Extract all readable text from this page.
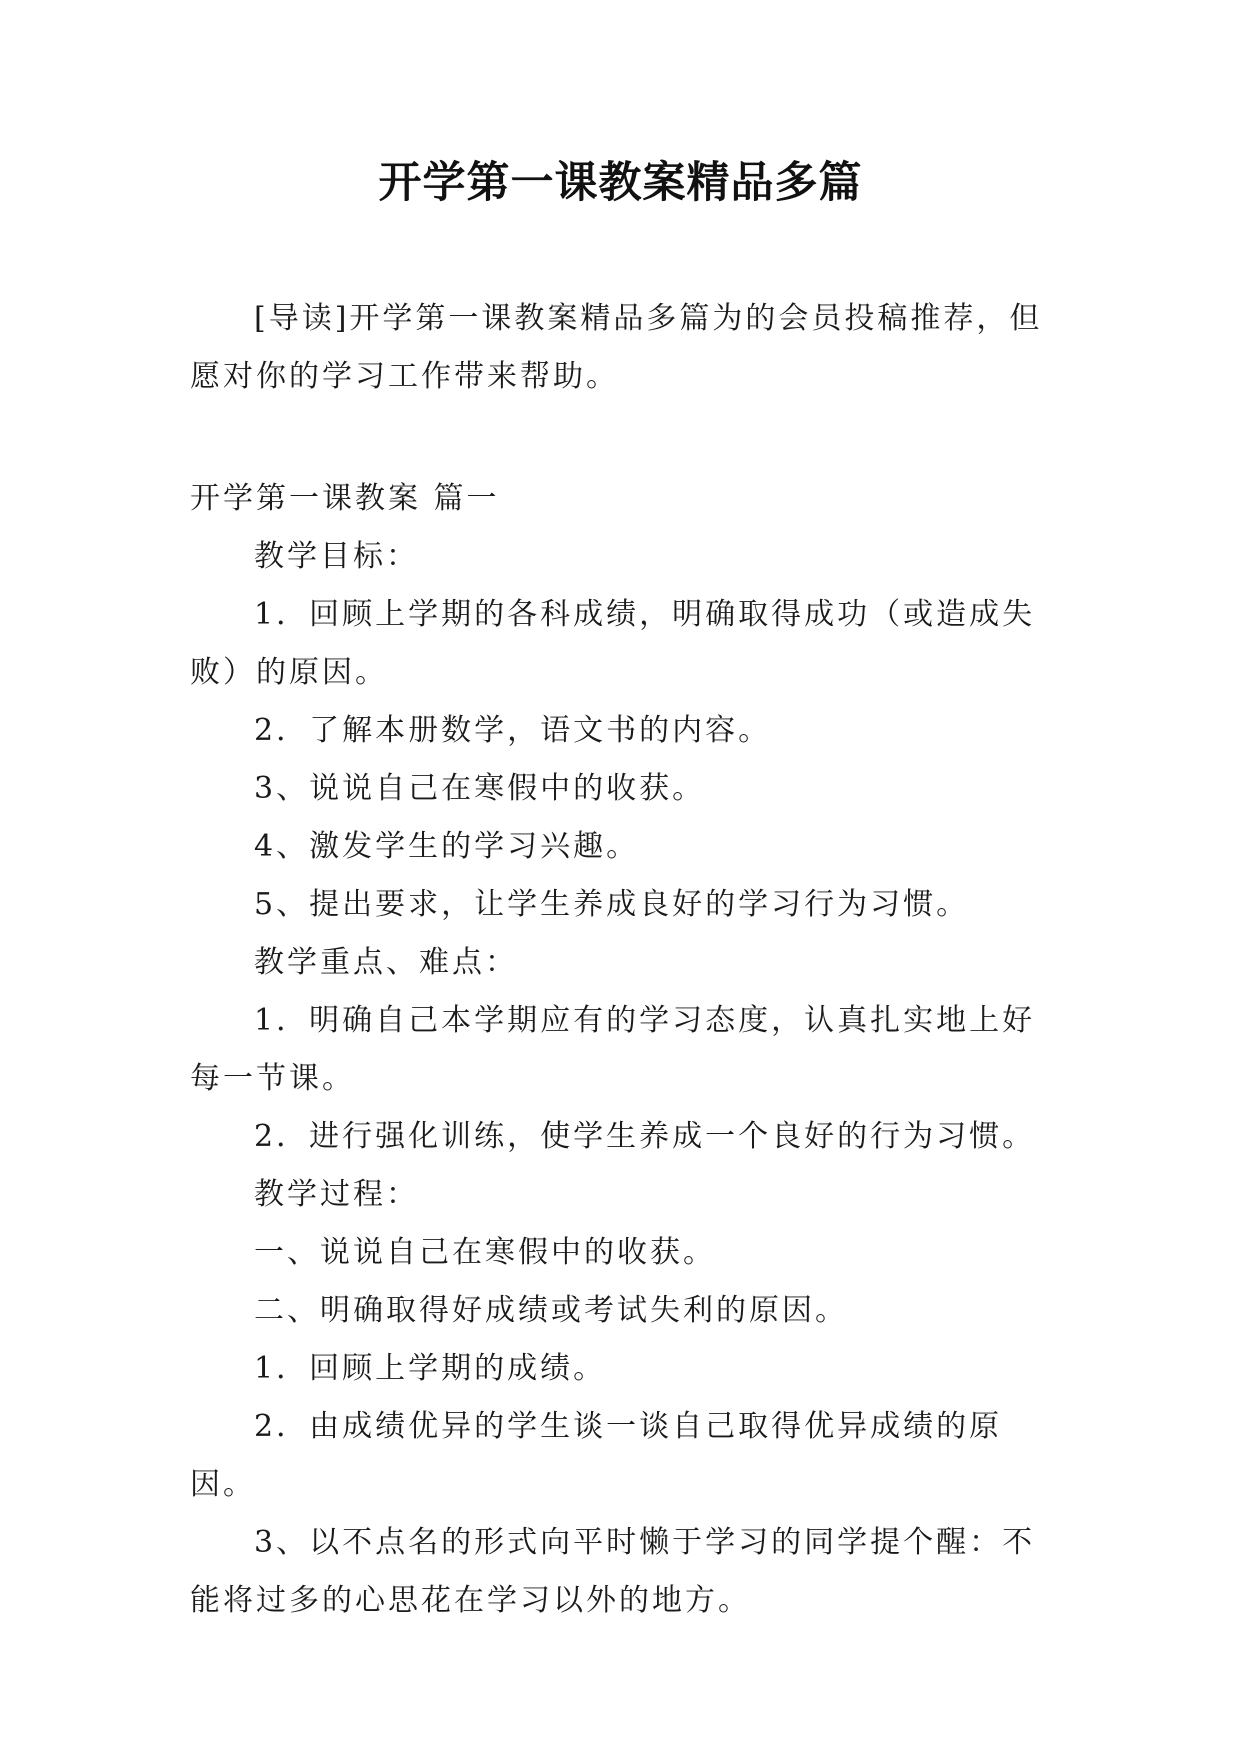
开学第一课教案精品多篇

[导读]开学第一课教案精品多篇为的会员投稿推荐，但愿对你的学习工作带来帮助。

开学第一课教案 篇一

教学目标：

1．回顾上学期的各科成绩，明确取得成功（或造成失败）的原因。

2．了解本册数学，语文书的内容。

3、说说自己在寒假中的收获。

4、激发学生的学习兴趣。

5、提出要求，让学生养成良好的学习行为习惯。

教学重点、难点：

1．明确自己本学期应有的学习态度，认真扎实地上好每一节课。

2．进行强化训练，使学生养成一个良好的行为习惯。

教学过程：

一、说说自己在寒假中的收获。

二、明确取得好成绩或考试失利的原因。

1．回顾上学期的成绩。

2．由成绩优异的学生谈一谈自己取得优异成绩的原因。

3、以不点名的形式向平时懒于学习的同学提个醒：不能将过多的心思花在学习以外的地方。
